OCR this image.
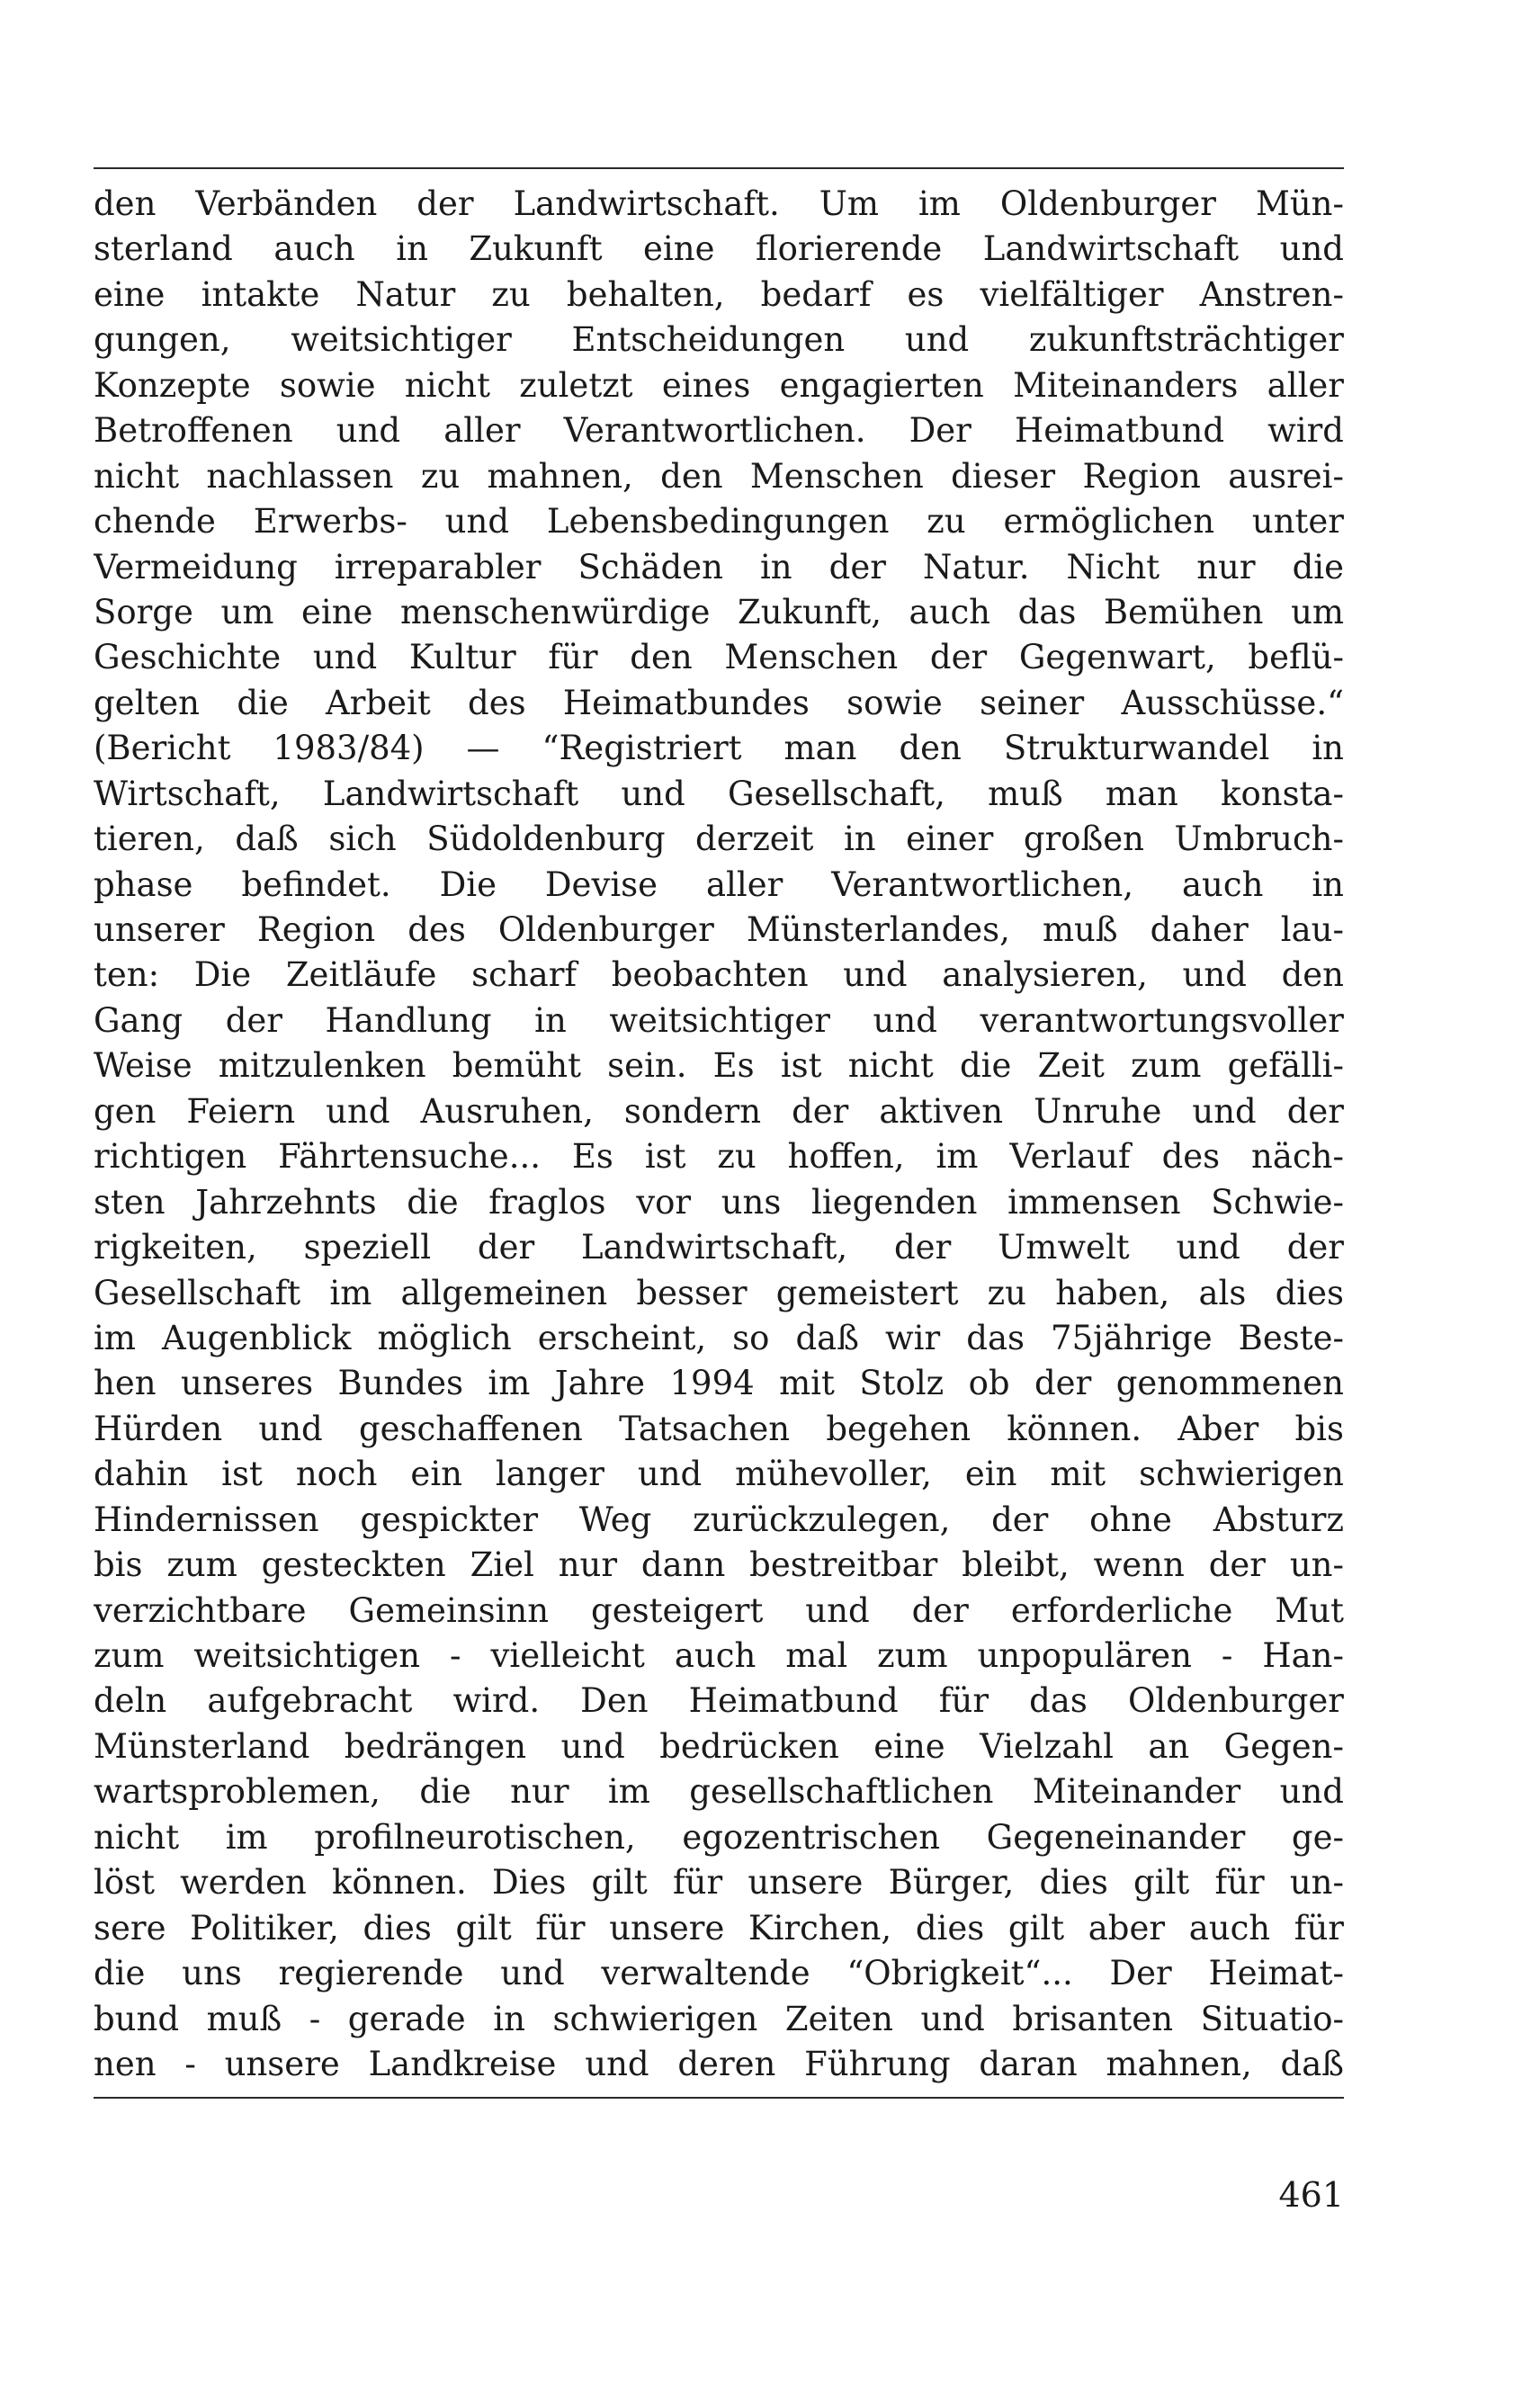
den Verbänden der Landwirtschaft. Um im Oldenburger Mün-
sterland auch in Zukunft eine florierende Landwirtschaft und
eine intakte Natur zu behalten, bedarf es vielfältiger Anstren-
gungen, weitsichtiger Entscheidungen und zukunftsträchtiger
Konzepte sowie nicht zuletzt eines engagierten Miteinanders aller
Betroffenen und aller Verantwortlichen. Der Heimatbund wird
nicht nachlassen zu mahnen, den Menschen dieser Region ausrei-
chende Erwerbs- und Lebensbedingungen zu ermöglichen unter
Vermeidung irreparabler Schäden in der Natur. Nicht nur die
Sorge um eine menschenwürdige Zukunft, auch das Bemühen um
Geschichte und Kultur für den Menschen der Gegenwart, beflü-
gelten die Arbeit des Heimatbundes sowie seiner Ausschüsse.“
(Bericht 1983/84) — “Registriert man den Strukturwandel in
Wirtschaft, Landwirtschaft und Gesellschaft, muß man konsta-
tieren, daß sich Südoldenburg derzeit in einer großen Umbruch-
phase befindet. Die Devise aller Verantwortlichen, auch in
unserer Region des Oldenburger Münsterlandes, muß daher lau-
ten: Die Zeitläufe scharf beobachten und analysieren, und den
Gang der Handlung in weitsichtiger und verantwortungsvoller
Weise mitzulenken bemüht sein. Es ist nicht die Zeit zum gefälli-
gen Feiern und Ausruhen, sondern der aktiven Unruhe und der
richtigen Fährtensuche... Es ist zu hoffen, im Verlauf des näch-
sten Jahrzehnts die fraglos vor uns liegenden immensen Schwie-
rigkeiten, speziell der Landwirtschaft, der Umwelt und der
Gesellschaft im allgemeinen besser gemeistert zu haben, als dies
im Augenblick möglich erscheint, so daß wir das 75jährige Beste-
hen unseres Bundes im Jahre 1994 mit Stolz ob der genommenen
Hürden und geschaffenen Tatsachen begehen können. Aber bis
dahin ist noch ein langer und mühevoller, ein mit schwierigen
Hindernissen gespickter Weg zurückzulegen, der ohne Absturz
bis zum gesteckten Ziel nur dann bestreitbar bleibt, wenn der un-
verzichtbare Gemeinsinn gesteigert und der erforderliche Mut
zum weitsichtigen - vielleicht auch mal zum unpopulären - Han-
deln aufgebracht wird. Den Heimatbund für das Oldenburger
Münsterland bedrängen und bedrücken eine Vielzahl an Gegen-
wartsproblemen, die nur im gesellschaftlichen Miteinander und
nicht im profilneurotischen, egozentrischen Gegeneinander ge-
löst werden können. Dies gilt für unsere Bürger, dies gilt für un-
sere Politiker, dies gilt für unsere Kirchen, dies gilt aber auch für
die uns regierende und verwaltende “Obrigkeit“... Der Heimat-
bund muß - gerade in schwierigen Zeiten und brisanten Situatio-
nen - unsere Landkreise und deren Führung daran mahnen, daß
461
